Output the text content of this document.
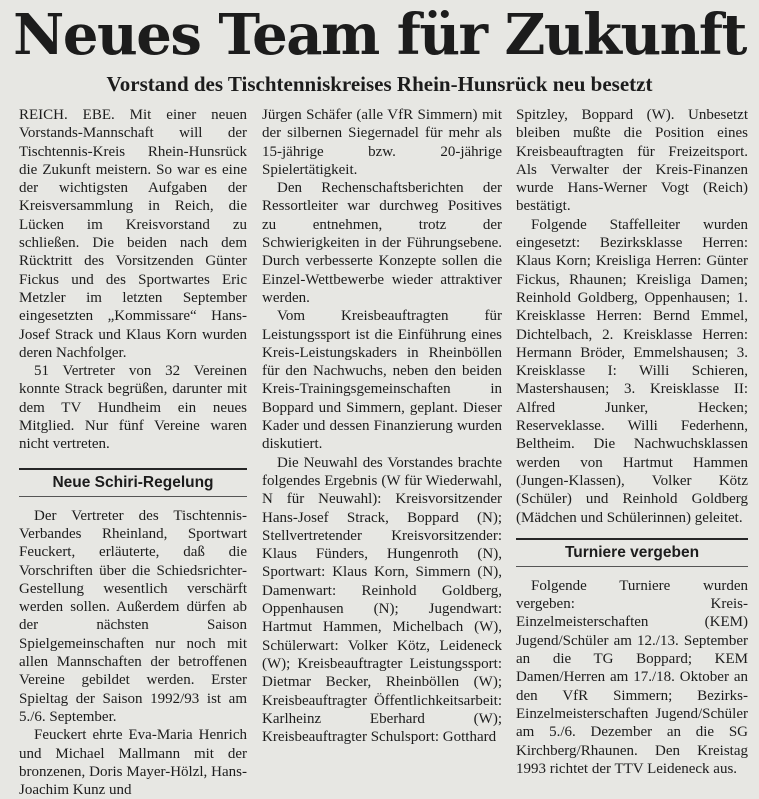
Neues Team für Zukunft
Vorstand des Tischtenniskreises Rhein-Hunsrück neu besetzt

REICH. EBE. Mit einer neuen Vorstands-Mannschaft will der Tischtennis-Kreis Rhein-Hunsrück die Zukunft meistern. So war es eine der wichtigsten Aufgaben der Kreisversammlung in Reich, die Lücken im Kreisvorstand zu schließen. Die beiden nach dem Rücktritt des Vorsitzenden Günter Fickus und des Sportwartes Eric Metzler im letzten September eingesetzten „Kommissare“ Hans-Josef Strack und Klaus Korn wurden deren Nachfolger.

51 Vertreter von 32 Vereinen konnte Strack begrüßen, darunter mit dem TV Hundheim ein neues Mitglied. Nur fünf Vereine waren nicht vertreten.

Neue Schiri-Regelung

Der Vertreter des Tischtennis-Verbandes Rheinland, Sportwart Feuckert, erläuterte, daß die Vorschriften über die Schiedsrichter-Gestellung wesentlich verschärft werden sollen. Außerdem dürfen ab der nächsten Saison Spielgemeinschaften nur noch mit allen Mannschaften der betroffenen Vereine gebildet werden. Erster Spieltag der Saison 1992/93 ist am 5./6. September.

Feuckert ehrte Eva-Maria Henrich und Michael Mallmann mit der bronzenen, Doris Mayer-Hölzl, Hans-Joachim Kunz und

Jürgen Schäfer (alle VfR Simmern) mit der silbernen Siegernadel für mehr als 15-jährige bzw. 20-jährige Spielertätigkeit.

Den Rechenschaftsberichten der Ressortleiter war durchweg Positives zu entnehmen, trotz der Schwierigkeiten in der Führungsebene. Durch verbesserte Konzepte sollen die Einzel-Wettbewerbe wieder attraktiver werden.

Vom Kreisbeauftragten für Leistungssport ist die Einführung eines Kreis-Leistungskaders in Rheinböllen für den Nachwuchs, neben den beiden Kreis-Trainingsgemeinschaften in Boppard und Simmern, geplant. Dieser Kader und dessen Finanzierung wurden diskutiert.

Die Neuwahl des Vorstandes brachte folgendes Ergebnis (W für Wiederwahl, N für Neuwahl): Kreisvorsitzender Hans-Josef Strack, Boppard (N); Stellvertretender Kreisvorsitzender: Klaus Fünders, Hungenroth (N), Sportwart: Klaus Korn, Simmern (N), Damenwart: Reinhold Goldberg, Oppenhausen (N); Jugendwart: Hartmut Hammen, Michelbach (W), Schülerwart: Volker Kötz, Leideneck (W); Kreisbeauftragter Leistungssport: Dietmar Becker, Rheinböllen (W); Kreisbeauftragter Öffentlichkeitsarbeit: Karlheinz Eberhard (W); Kreisbeauftragter Schulsport: Gotthard

Spitzley, Boppard (W). Unbesetzt bleiben mußte die Position eines Kreisbeauftragten für Freizeitsport. Als Verwalter der Kreis-Finanzen wurde Hans-Werner Vogt (Reich) bestätigt.

Folgende Staffelleiter wurden eingesetzt: Bezirksklasse Herren: Klaus Korn; Kreisliga Herren: Günter Fickus, Rhaunen; Kreisliga Damen; Reinhold Goldberg, Oppenhausen; 1. Kreisklasse Herren: Bernd Emmel, Dichtelbach, 2. Kreisklasse Herren: Hermann Bröder, Emmelshausen; 3. Kreisklasse I: Willi Schieren, Mastershausen; 3. Kreisklasse II: Alfred Junker, Hecken; Reserveklasse. Willi Federhenn, Beltheim. Die Nachwuchsklassen werden von Hartmut Hammen (Jungen-Klassen), Volker Kötz (Schüler) und Reinhold Goldberg (Mädchen und Schülerinnen) geleitet.

Turniere vergeben

Folgende Turniere wurden vergeben: Kreis-Einzelmeisterschaften (KEM) Jugend/Schüler am 12./13. September an die TG Boppard; KEM Damen/Herren am 17./18. Oktober an den VfR Simmern; Bezirks-Einzelmeisterschaften Jugend/Schüler am 5./6. Dezember an die SG Kirchberg/Rhaunen. Den Kreistag 1993 richtet der TTV Leideneck aus.
